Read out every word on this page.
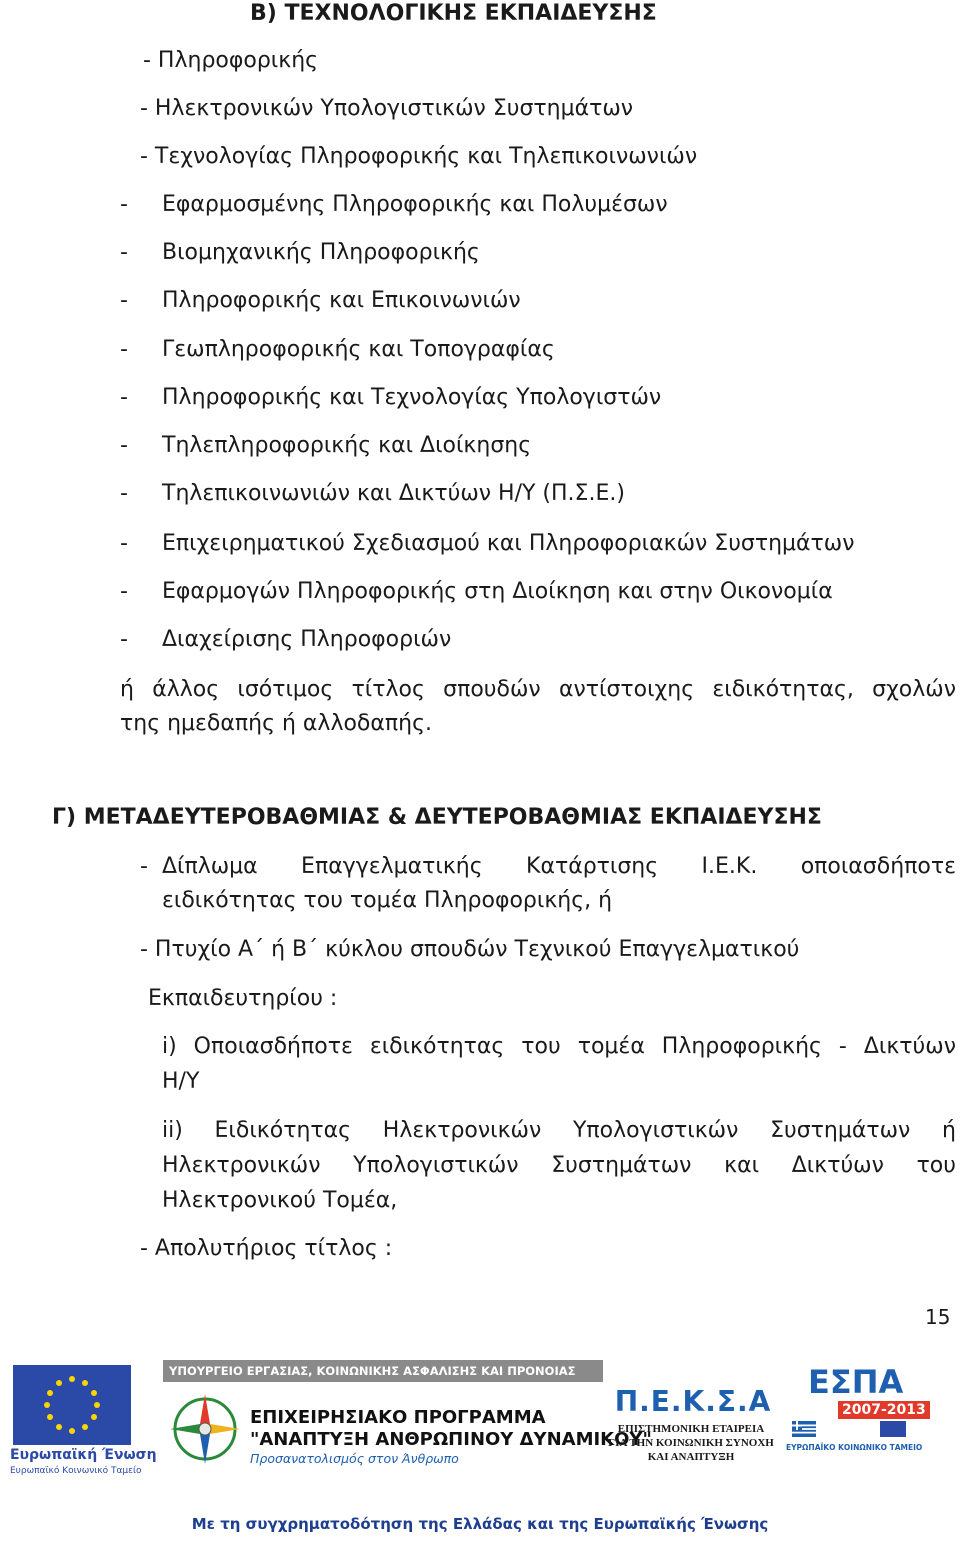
Β) ΤΕΧΝΟΛΟΓΙΚΗΣ ΕΚΠΑΙΔΕΥΣΗΣ
- Πληροφορικής
- Ηλεκτρονικών Υπολογιστικών Συστημάτων
- Τεχνολογίας Πληροφορικής και Τηλεπικοινωνιών
- Εφαρμοσμένης Πληροφορικής και Πολυμέσων
- Βιομηχανικής Πληροφορικής
- Πληροφορικής και Επικοινωνιών
- Γεωπληροφορικής και Τοπογραφίας
- Πληροφορικής και Τεχνολογίας Υπολογιστών
- Τηλεπληροφορικής και Διοίκησης
- Τηλεπικοινωνιών και Δικτύων Η/Υ (Π.Σ.Ε.)
- Επιχειρηματικού Σχεδιασμού και Πληροφοριακών Συστημάτων
- Εφαρμογών Πληροφορικής στη Διοίκηση και στην Οικονομία
- Διαχείρισης Πληροφοριών
ή άλλος ισότιμος τίτλος σπουδών αντίστοιχης ειδικότητας, σχολών
της ημεδαπής ή αλλοδαπής.
Γ) ΜΕΤΑΔΕΥΤΕΡΟΒΑΘΜΙΑΣ & ΔΕΥΤΕΡΟΒΑΘΜΙΑΣ ΕΚΠΑΙΔΕΥΣΗΣ
- Δίπλωμα Επαγγελματικής Κατάρτισης Ι.Ε.Κ. οποιασδήποτε
ειδικότητας του τομέα Πληροφορικής, ή
- Πτυχίο Α΄ ή Β΄ κύκλου σπουδών Τεχνικού Επαγγελματικού
Εκπαιδευτηρίου :
i) Οποιασδήποτε ειδικότητας του τομέα Πληροφορικής - Δικτύων
Η/Υ
ii) Ειδικότητας Ηλεκτρονικών Υπολογιστικών Συστημάτων ή
Ηλεκτρονικών Υπολογιστικών Συστημάτων και Δικτύων του
Ηλεκτρονικού Τομέα,
- Απολυτήριος τίτλος :
15
Ευρωπαϊκή Ένωση
Ευρωπαϊκό Κοινωνικό Ταμείο
ΥΠΟΥΡΓΕΙΟ ΕΡΓΑΣΙΑΣ, ΚΟΙΝΩΝΙΚΗΣ ΑΣΦΑΛΙΣΗΣ ΚΑΙ ΠΡΟΝΟΙΑΣ
ΕΠΙΧΕΙΡΗΣΙΑΚΟ ΠΡΟΓΡΑΜΜΑ
"ΑΝΑΠΤΥΞΗ ΑΝΘΡΩΠΙΝΟΥ ΔΥΝΑΜΙΚΟΥ"
Προσανατολισμός στον Άνθρωπο
Π.Ε.Κ.Σ.Α
ΕΠΙΣΤΗΜΟΝΙΚΗ ΕΤΑΙΡΕΙΑ
ΓΙΑ ΤΗΝ ΚΟΙΝΩΝΙΚΗ ΣΥΝΟΧΗ
ΚΑΙ ΑΝΑΠΤΥΞΗ
ΕΣΠΑ
2007-2013
ΕΥΡΩΠΑΪΚΟ ΚΟΙΝΩΝΙΚΟ ΤΑΜΕΙΟ
Με τη συγχρηματοδότηση της Ελλάδας και της Ευρωπαϊκής Ένωσης
